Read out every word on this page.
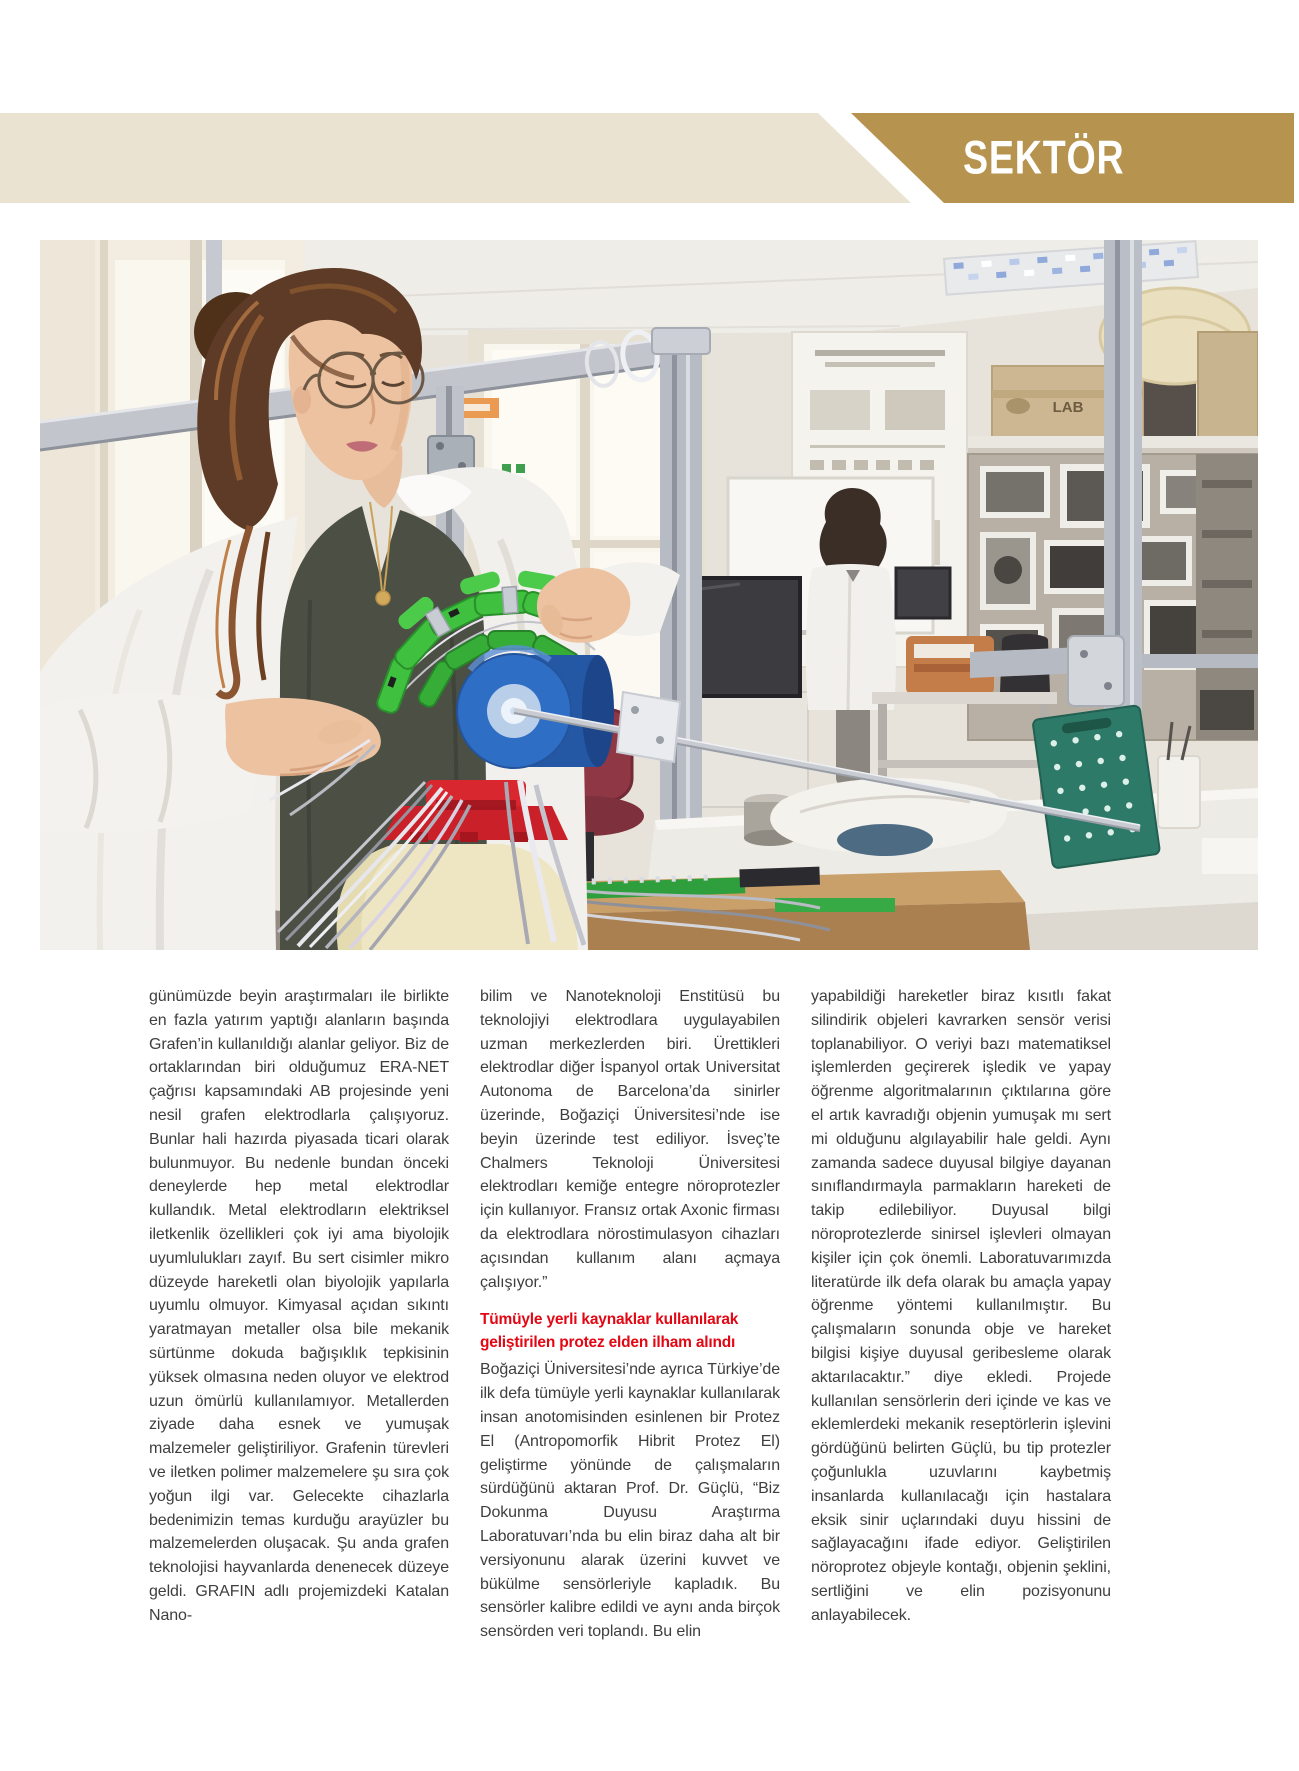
SEKTÖR
LAB
günümüzde beyin araştırmaları ile birlikte en fazla yatırım yaptığı alanların başında Grafen’in kullanıldığı alanlar geliyor. Biz de ortaklarından biri olduğumuz ERA-NET çağrısı kapsamındaki AB projesinde yeni nesil grafen elektrodlarla çalışıyoruz. Bunlar hali hazırda piyasada ticari olarak bulunmuyor. Bu nedenle bundan önceki deneylerde hep metal elektrodlar kullandık. Metal elektrodların elektriksel iletkenlik özellikleri çok iyi ama biyolojik uyumlulukları zayıf. Bu sert cisimler mikro düzeyde hareketli olan biyolojik yapılarla uyumlu olmuyor. Kimyasal açıdan sıkıntı yaratmayan metaller olsa bile mekanik sürtünme dokuda bağışıklık tepkisinin yüksek olmasına neden oluyor ve elektrod uzun ömürlü kullanılamıyor. Metallerden ziyade daha esnek ve yumuşak malzemeler geliştiriliyor. Grafenin türevleri ve iletken polimer malzemelere şu sıra çok yoğun ilgi var. Gelecekte cihazlarla bedenimizin temas kurduğu arayüzler bu malzemelerden oluşacak. Şu anda grafen teknolojisi hayvanlarda denenecek düzeye geldi. GRAFIN adlı projemizdeki Katalan Nano-
bilim ve Nanoteknoloji Enstitüsü bu teknolojiyi elektrodlara uygulayabilen uzman merkezlerden biri. Ürettikleri elektrodlar diğer İspanyol ortak Universitat Autonoma de Barcelona’da sinirler üzerinde, Boğaziçi Üniversitesi’nde ise beyin üzerinde test ediliyor. İsveç’te Chalmers Teknoloji Üniversitesi elektrodları kemiğe entegre nöroprotezler için kullanıyor. Fransız ortak Axonic firması da elektrodlara nörostimulasyon cihazları açısından kullanım alanı açmaya çalışıyor.”
Tümüyle yerli kaynaklar kullanılarak geliştirilen protez elden ilham alındı
Boğaziçi Üniversitesi’nde ayrıca Türkiye’de ilk defa tümüyle yerli kaynaklar kullanılarak insan anotomisinden esinlenen bir Protez El (Antropomorfik Hibrit Protez El) geliştirme yönünde de çalışmaların sürdüğünü aktaran Prof. Dr. Güçlü, “Biz Dokunma Duyusu Araştırma Laboratuvarı’nda bu elin biraz daha alt bir versiyonunu alarak üzerini kuvvet ve bükülme sensörleriyle kapladık. Bu sensörler kalibre edildi ve aynı anda birçok sensörden veri toplandı. Bu elin
yapabildiği hareketler biraz kısıtlı fakat silindirik objeleri kavrarken sensör verisi toplanabiliyor. O veriyi bazı matematiksel işlemlerden geçirerek işledik ve yapay öğrenme algoritmalarının çıktılarına göre el artık kavradığı objenin yumuşak mı sert mi olduğunu algılayabilir hale geldi. Aynı zamanda sadece duyusal bilgiye dayanan sınıflandırmayla parmakların hareketi de takip edilebiliyor. Duyusal bilgi nöroprotezlerde sinirsel işlevleri olmayan kişiler için çok önemli. Laboratuvarımızda literatürde ilk defa olarak bu amaçla yapay öğrenme yöntemi kullanılmıştır. Bu çalışmaların sonunda obje ve hareket bilgisi kişiye duyusal geribesleme olarak aktarılacaktır.” diye ekledi. Projede kullanılan sensörlerin deri içinde ve kas ve eklemlerdeki mekanik reseptörlerin işlevini gördüğünü belirten Güçlü, bu tip protezler çoğunlukla uzuvlarını kaybetmiş insanlarda kullanılacağı için hastalara eksik sinir uçlarındaki duyu hissini de sağlayacağını ifade ediyor. Geliştirilen nöroprotez objeyle kontağı, objenin şeklini, sertliğini ve elin pozisyonunu anlayabilecek.
